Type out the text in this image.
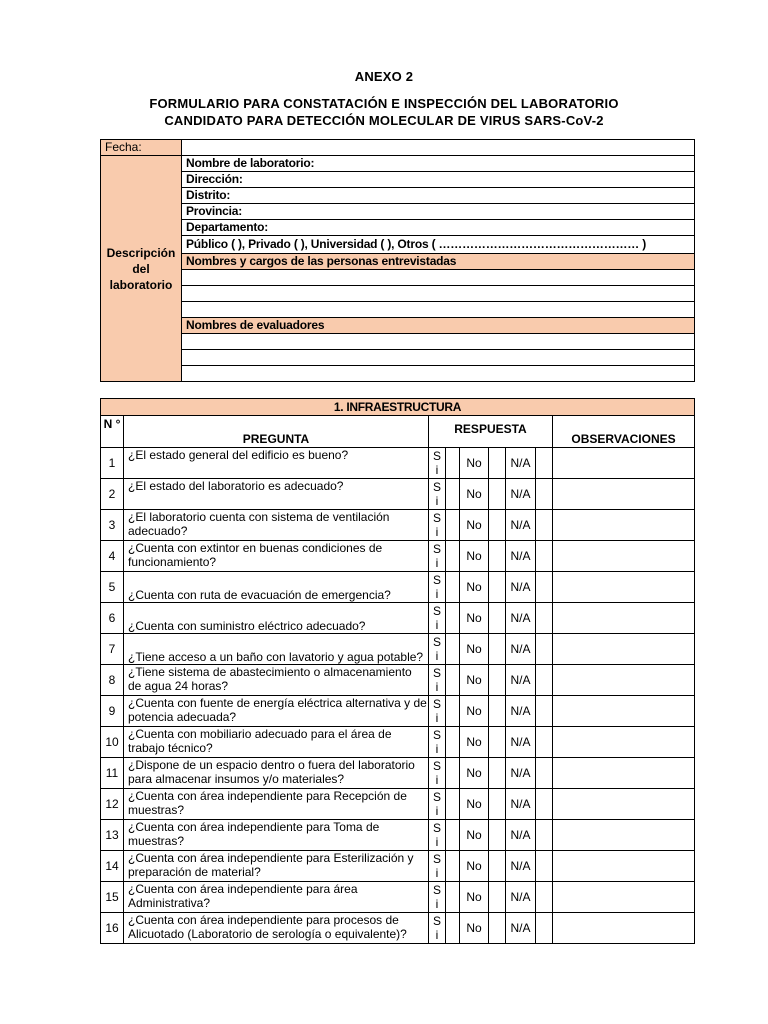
ANEXO 2
FORMULARIO PARA CONSTATACIÓN E INSPECCIÓN DEL LABORATORIO
CANDIDATO PARA DETECCIÓN MOLECULAR DE VIRUS SARS-CoV-2
Fecha:	
Descripción del laboratorio	Nombre de laboratorio:
	Dirección:
	Distrito:
	Provincia:
	Departamento:
	Público ( ), Privado ( ), Universidad ( ), Otros ( …………………………………………… )
	Nombres y cargos de las personas entrevistadas

	Nombres de evaluadores

1. INFRAESTRUCTURA								
N °	PREGUNTA	RESPUESTA						OBSERVACIONES
1	¿El estado general del edificio es bueno?	S i		No		N/A		
2	¿El estado del laboratorio es adecuado?	S i		No		N/A		
3	¿El laboratorio cuenta con sistema de ventilación adecuado?	S i		No		N/A		
4	¿Cuenta con extintor en buenas condiciones de funcionamiento?	S i		No		N/A		
5	¿Cuenta con ruta de evacuación de emergencia?	S i		No		N/A		
6	¿Cuenta con suministro eléctrico adecuado?	S i		No		N/A		
7	¿Tiene acceso a un baño con lavatorio y agua potable?	S i		No		N/A		
8	¿Tiene sistema de abastecimiento o almacenamiento de agua 24 horas?	S i		No		N/A		
9	¿Cuenta con fuente de energía eléctrica alternativa y de potencia adecuada?	S i		No		N/A		
10	¿Cuenta con mobiliario adecuado para el área de trabajo técnico?	S i		No		N/A		
11	¿Dispone de un espacio dentro o fuera del laboratorio para almacenar insumos y/o materiales?	S i		No		N/A		
12	¿Cuenta con área independiente para Recepción de muestras?	S i		No		N/A		
13	¿Cuenta con área independiente para Toma de muestras?	S i		No		N/A		
14	¿Cuenta con área independiente para Esterilización y preparación de material?	S i		No		N/A		
15	¿Cuenta con área independiente para área Administrativa?	S i		No		N/A		
16	¿Cuenta con área independiente para procesos de Alicuotado (Laboratorio de serología o equivalente)?	S i		No		N/A		
